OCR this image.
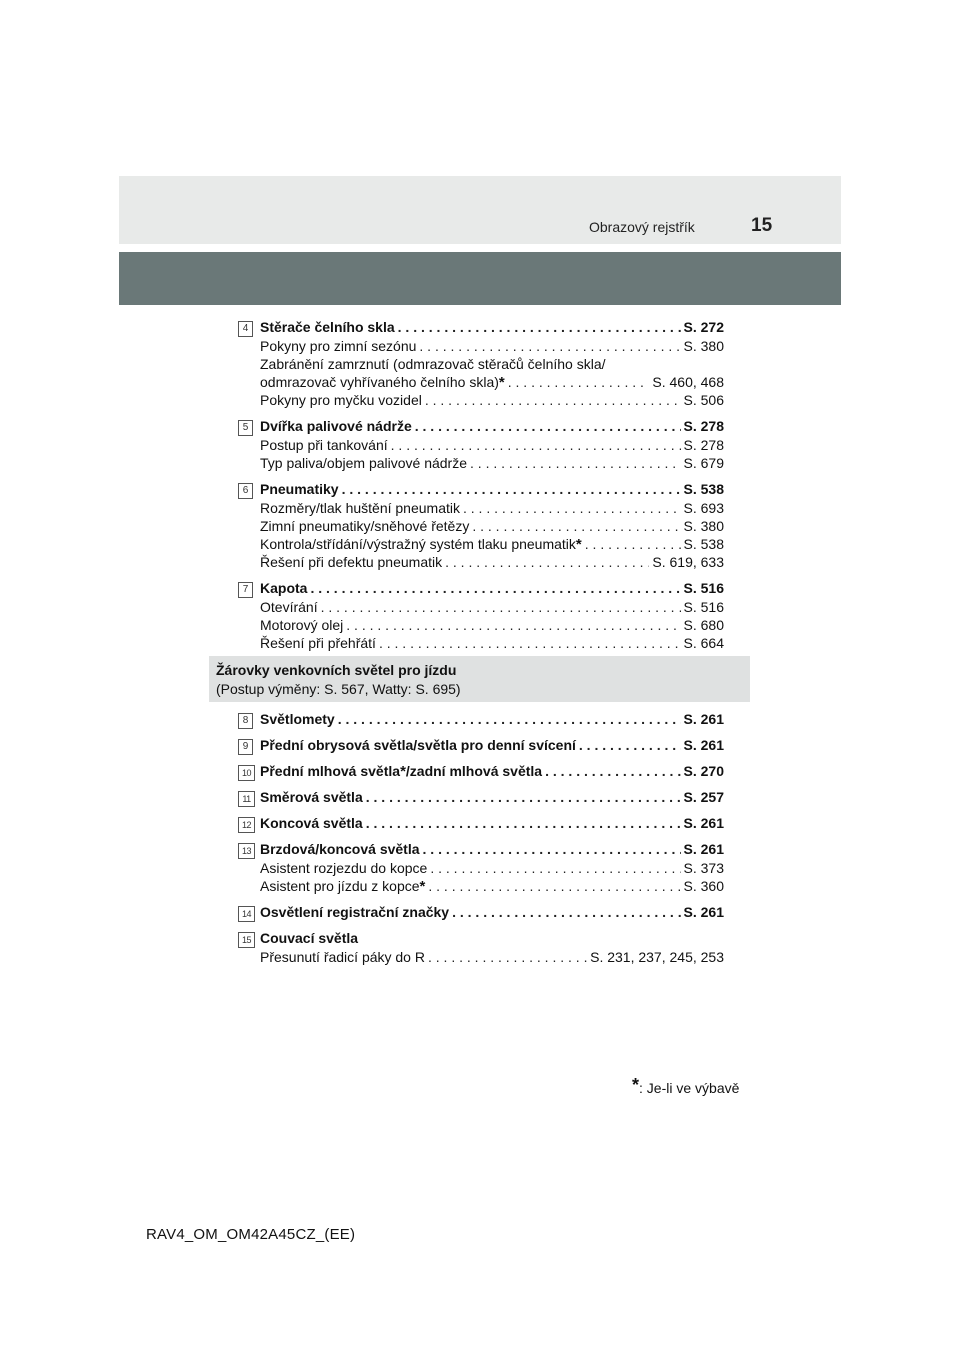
Obrazový rejstřík	15
4 Stěrače čelního skla . . .	S. 272
Pokyny pro zimní sezónu . . .	S. 380
Zabránění zamrznutí (odmrazovač stěračů čelního skla/
odmrazovač vyhřívaného čelního skla) * . . .	S. 460, 468
Pokyny pro myčku vozidel . . .	S. 506
5 Dvířka palivové nádrže . . .	S. 278
Postup při tankování . . .	S. 278
Typ paliva/objem palivové nádrže . . .	S. 679
6 Pneumatiky . . .	S. 538
Rozměry/tlak huštění pneumatik . . .	S. 693
Zimní pneumatiky/sněhové řetězy . . .	S. 380
Kontrola/střídání/výstražný systém tlaku pneumatik * . . .	S. 538
Řešení při defektu pneumatik . . .	S. 619, 633
7 Kapota . . .	S. 516
Otevírání . . .	S. 516
Motorový olej . . .	S. 680
Řešení při přehřátí . . .	S. 664
Žárovky venkovních světel pro jízdu
(Postup výměny: S. 567, Watty: S. 695)
8 Světlomety . . .	S. 261
9 Přední obrysová světla/světla pro denní svícení . . .	S. 261
10 Přední mlhová světla * /zadní mlhová světla . . .	S. 270
11 Směrová světla . . .	S. 257
12 Koncová světla . . .	S. 261
13 Brzdová/koncová světla . . .	S. 261
Asistent rozjezdu do kopce . . .	S. 373
Asistent pro jízdu z kopce * . . .	S. 360
14 Osvětlení registrační značky . . .	S. 261
15 Couvací světla
Přesunutí řadicí páky do R . . .	S. 231, 237, 245, 253
*: Je-li ve výbavě
RAV4_OM_OM42A45CZ_(EE)
